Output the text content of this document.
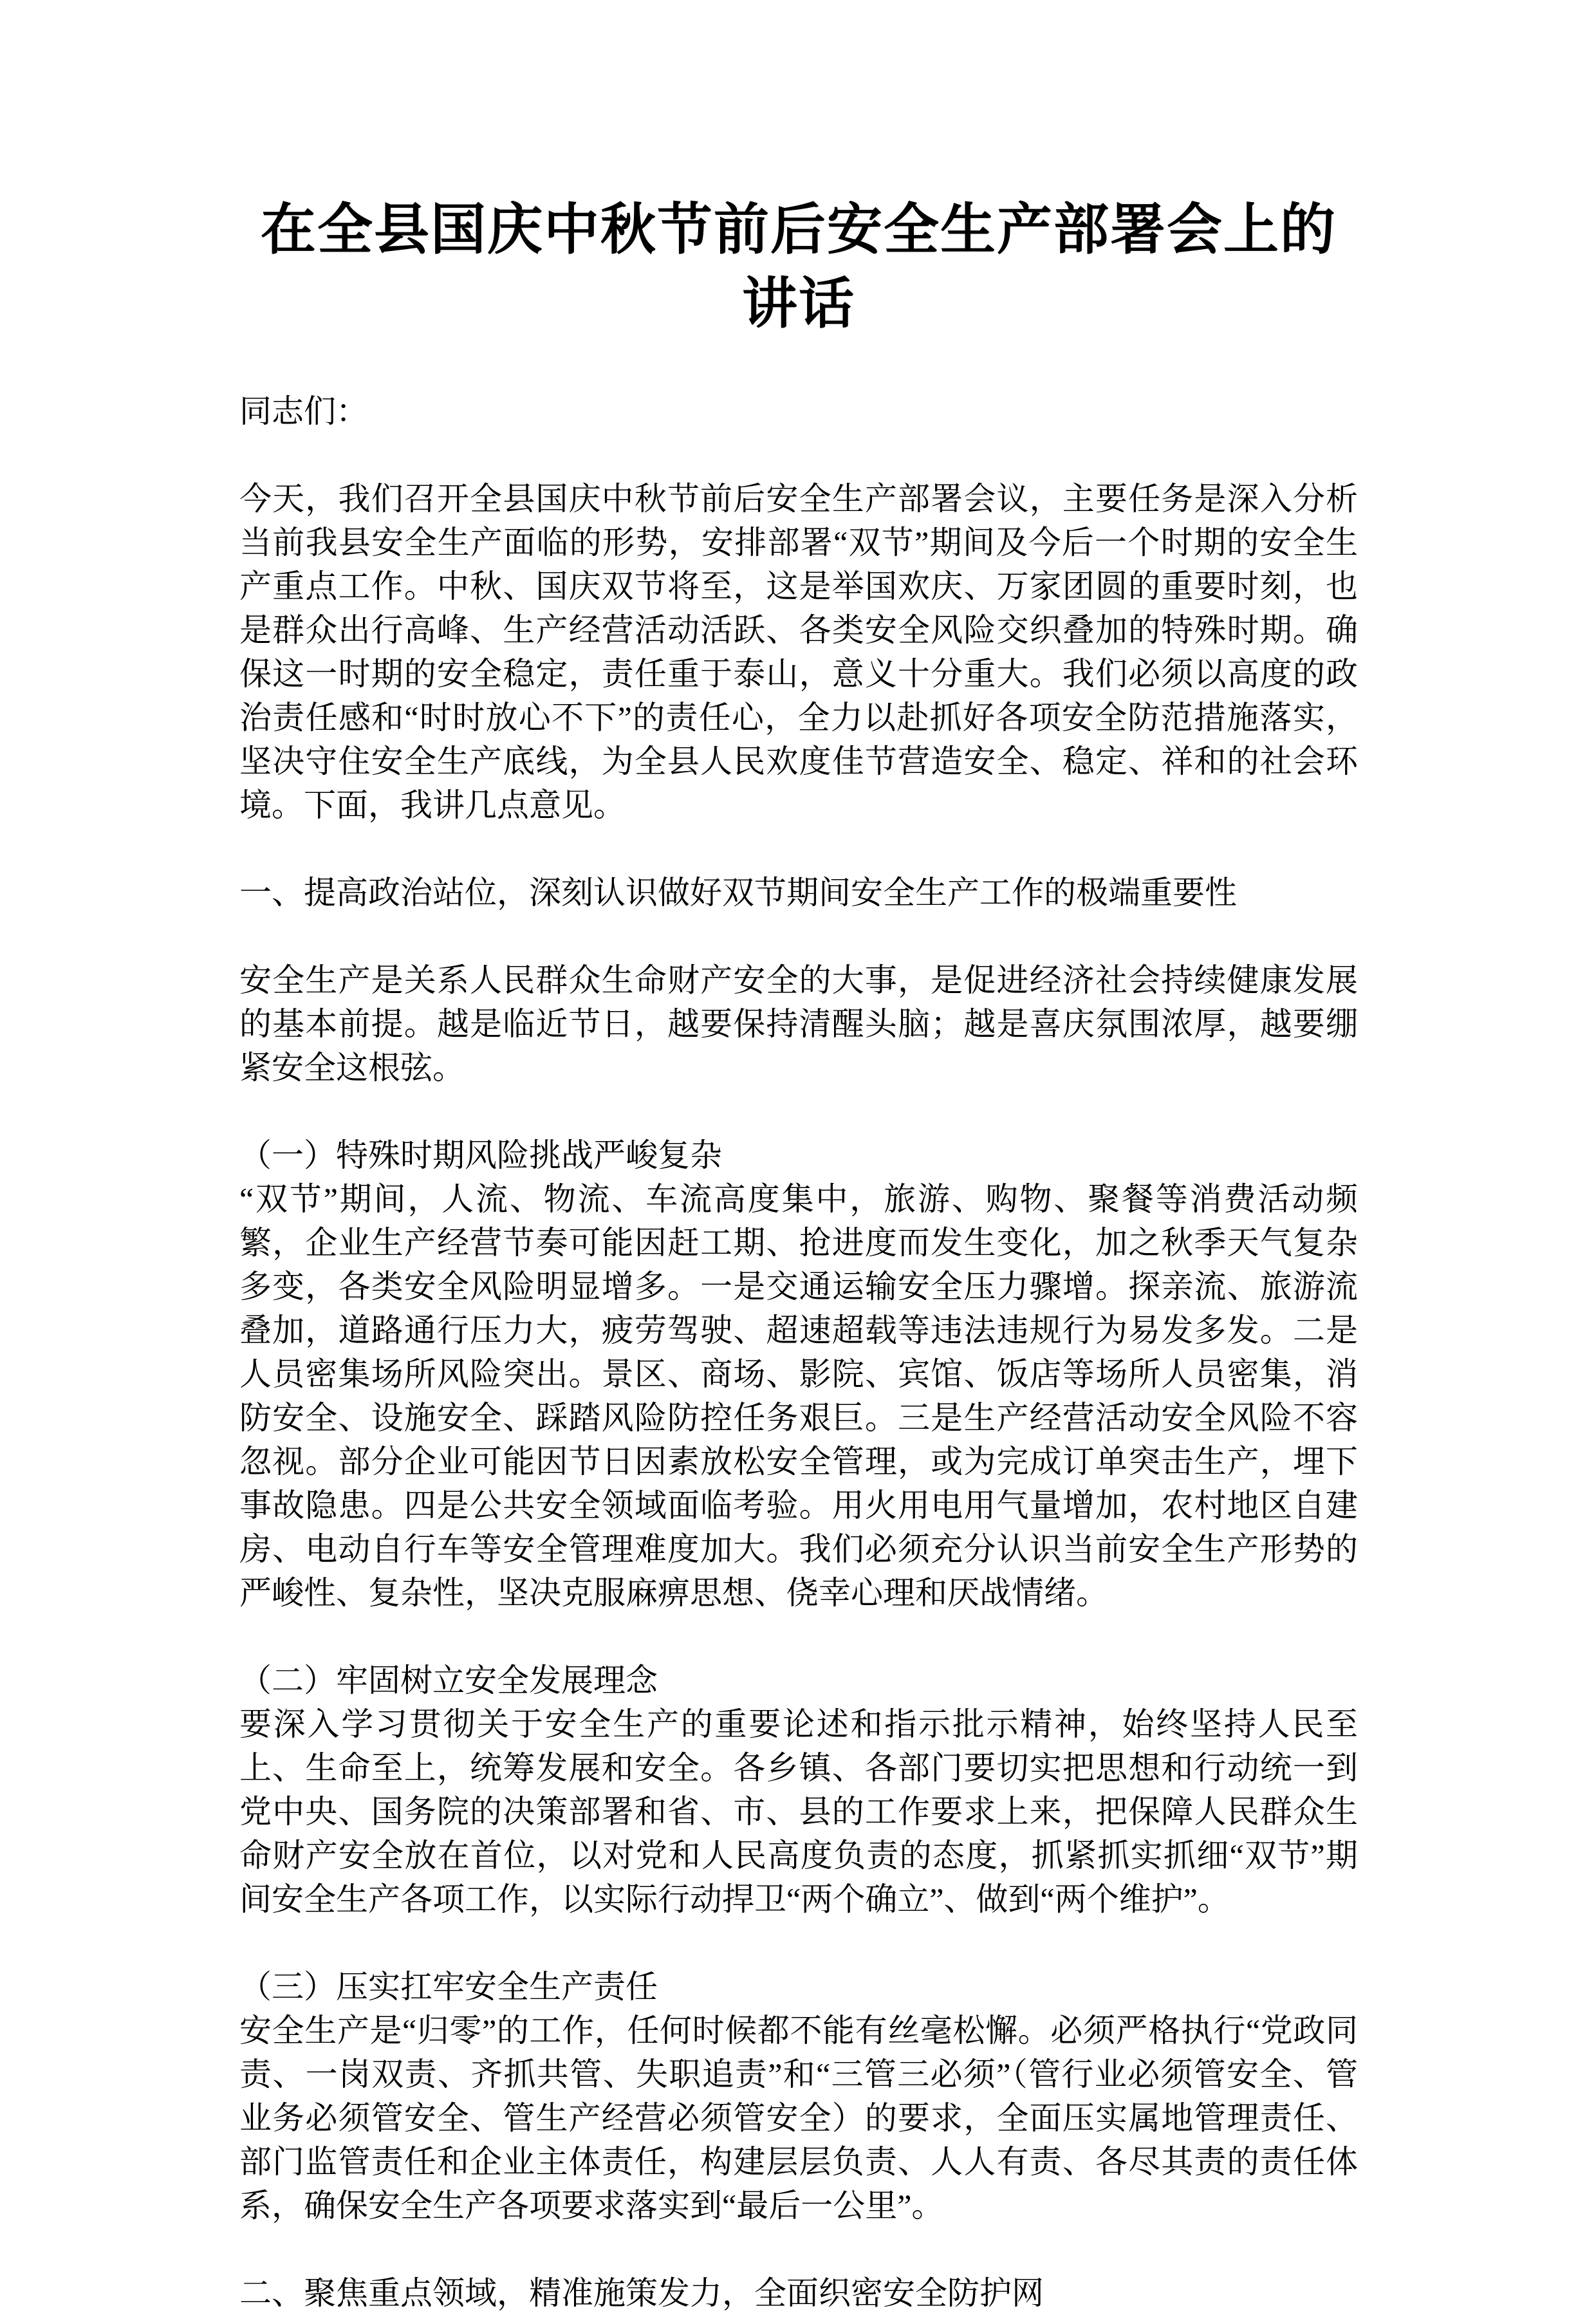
在全县国庆中秋节前后安全生产部署会上的讲话

同志们：

今天，我们召开全县国庆中秋节前后安全生产部署会议，主要任务是深入分析当前我县安全生产面临的形势，安排部署“双节”期间及今后一个时期的安全生产重点工作。中秋、国庆双节将至，这是举国欢庆、万家团圆的重要时刻，也是群众出行高峰、生产经营活动活跃、各类安全风险交织叠加的特殊时期。确保这一时期的安全稳定，责任重于泰山，意义十分重大。我们必须以高度的政治责任感和“时时放心不下”的责任心，全力以赴抓好各项安全防范措施落实，坚决守住安全生产底线，为全县人民欢度佳节营造安全、稳定、祥和的社会环境。下面，我讲几点意见。

一、提高政治站位，深刻认识做好双节期间安全生产工作的极端重要性

安全生产是关系人民群众生命财产安全的大事，是促进经济社会持续健康发展的基本前提。越是临近节日，越要保持清醒头脑；越是喜庆氛围浓厚，越要绷紧安全这根弦。

（一）特殊时期风险挑战严峻复杂
“双节”期间，人流、物流、车流高度集中，旅游、购物、聚餐等消费活动频繁，企业生产经营节奏可能因赶工期、抢进度而发生变化，加之秋季天气复杂多变，各类安全风险明显增多。一是交通运输安全压力骤增。探亲流、旅游流叠加，道路通行压力大，疲劳驾驶、超速超载等违法违规行为易发多发。二是人员密集场所风险突出。景区、商场、影院、宾馆、饭店等场所人员密集，消防安全、设施安全、踩踏风险防控任务艰巨。三是生产经营活动安全风险不容忽视。部分企业可能因节日因素放松安全管理，或为完成订单突击生产，埋下事故隐患。四是公共安全领域面临考验。用火用电用气量增加，农村地区自建房、电动自行车等安全管理难度加大。我们必须充分认识当前安全生产形势的严峻性、复杂性，坚决克服麻痹思想、侥幸心理和厌战情绪。

（二）牢固树立安全发展理念
要深入学习贯彻关于安全生产的重要论述和指示批示精神，始终坚持人民至上、生命至上，统筹发展和安全。各乡镇、各部门要切实把思想和行动统一到党中央、国务院的决策部署和省、市、县的工作要求上来，把保障人民群众生命财产安全放在首位，以对党和人民高度负责的态度，抓紧抓实抓细“双节”期间安全生产各项工作，以实际行动捍卫“两个确立”、做到“两个维护”。

（三）压实扛牢安全生产责任
安全生产是“归零”的工作，任何时候都不能有丝毫松懈。必须严格执行“党政同责、一岗双责、齐抓共管、失职追责”和“三管三必须”（管行业必须管安全、管业务必须管安全、管生产经营必须管安全）的要求，全面压实属地管理责任、部门监管责任和企业主体责任，构建层层负责、人人有责、各尽其责的责任体系，确保安全生产各项要求落实到“最后一公里”。

二、聚焦重点领域，精准施策发力，全面织密安全防护网
